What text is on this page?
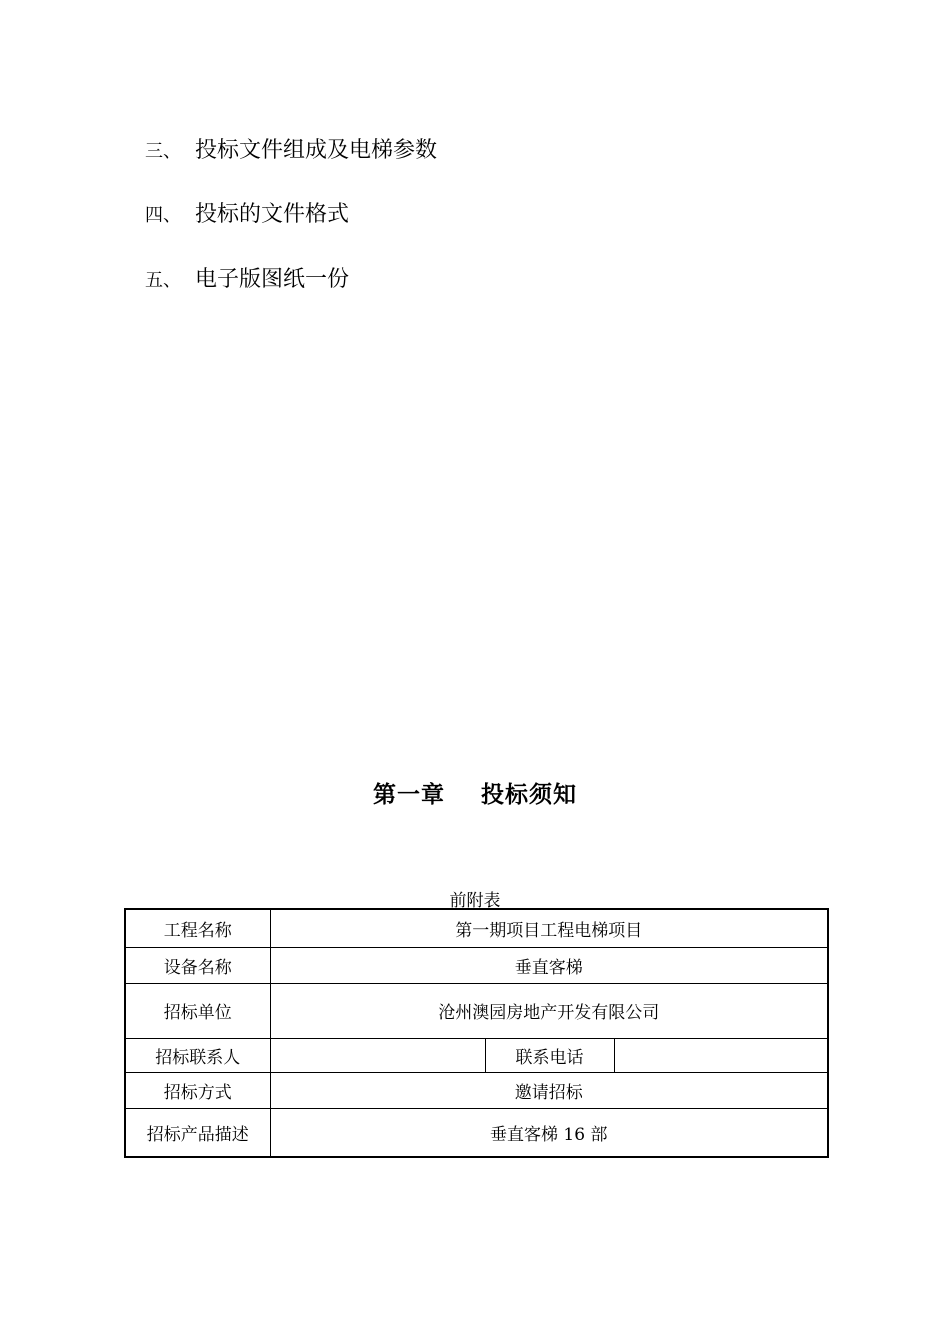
三、 投标文件组成及电梯参数
四、 投标的文件格式
五、 电子版图纸一份
第一章    投标须知
前附表
工程名称	第一期项目工程电梯项目		
设备名称	垂直客梯		
招标单位	沧州澳园房地产开发有限公司		
招标联系人		联系电话	
招标方式	邀请招标		
招标产品描述	垂直客梯 16 部		
